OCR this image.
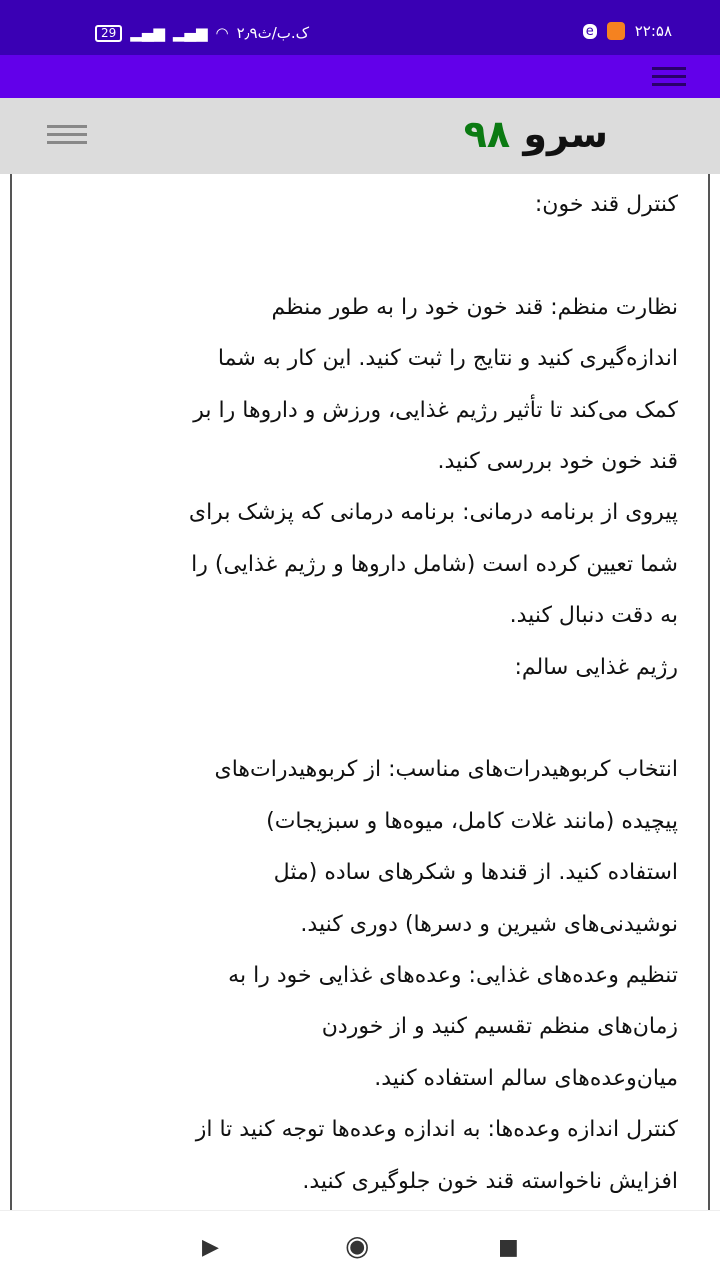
29 ▂▄▆ ▂▄▆ ◠ ۲٫۹ک.ب/ث	e	۲۲:۵۸
سرو ۹۸
کنترل قند خون:
نظارت منظم: قند خون خود را به طور منظم
اندازه‌گیری کنید و نتایج را ثبت کنید. این کار به شما
کمک می‌کند تا تأثیر رژیم غذایی، ورزش و داروها را بر
قند خون خود بررسی کنید.
پیروی از برنامه درمانی: برنامه درمانی که پزشک برای
شما تعیین کرده است (شامل داروها و رژیم غذایی) را
به دقت دنبال کنید.
رژیم غذایی سالم:
انتخاب کربوهیدرات‌های مناسب: از کربوهیدرات‌های
پیچیده (مانند غلات کامل، میوه‌ها و سبزیجات)
استفاده کنید. از قندها و شکرهای ساده (مثل
نوشیدنی‌های شیرین و دسرها) دوری کنید.
تنظیم وعده‌های غذایی: وعده‌های غذایی خود را به
زمان‌های منظم تقسیم کنید و از خوردن
میان‌وعده‌های سالم استفاده کنید.
کنترل اندازه وعده‌ها: به اندازه وعده‌ها توجه کنید تا از
افزایش ناخواسته قند خون جلوگیری کنید.
▶	◉	■
